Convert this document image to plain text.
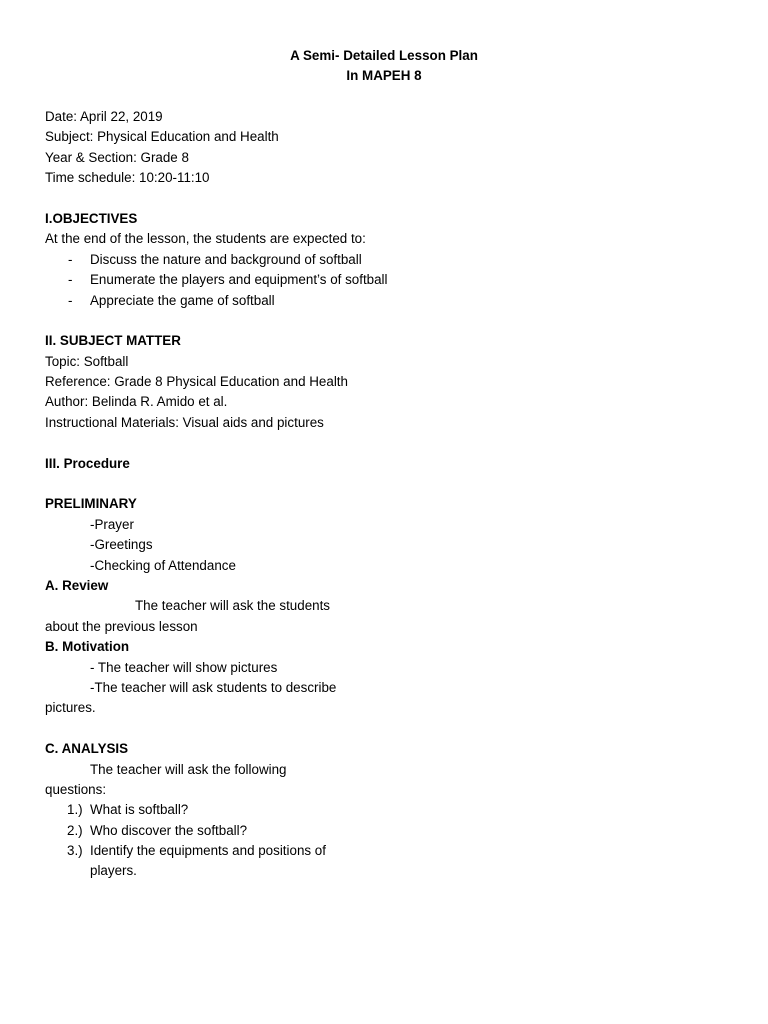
A Semi- Detailed Lesson Plan
In MAPEH 8
Date: April 22, 2019
Subject: Physical Education and Health
Year & Section: Grade 8
Time schedule: 10:20-11:10
I.OBJECTIVES
At the end of the lesson, the students are expected to:
-	Discuss the nature and background of softball
-	Enumerate the players and equipment’s of softball
-	Appreciate the game of softball
II. SUBJECT MATTER
Topic: Softball
Reference: Grade 8 Physical Education and Health
Author: Belinda R. Amido et al.
Instructional Materials: Visual aids and pictures
III. Procedure
PRELIMINARY
-Prayer
-Greetings
-Checking of Attendance
A. Review
The teacher will ask the students
about the previous lesson
B. Motivation
- The teacher will show pictures
-The teacher will ask students to describe
pictures.
C. ANALYSIS
The teacher will ask the following
questions:
1.) What is softball?
2.) Who discover the softball?
3.) Identify the equipments and positions of
players.
